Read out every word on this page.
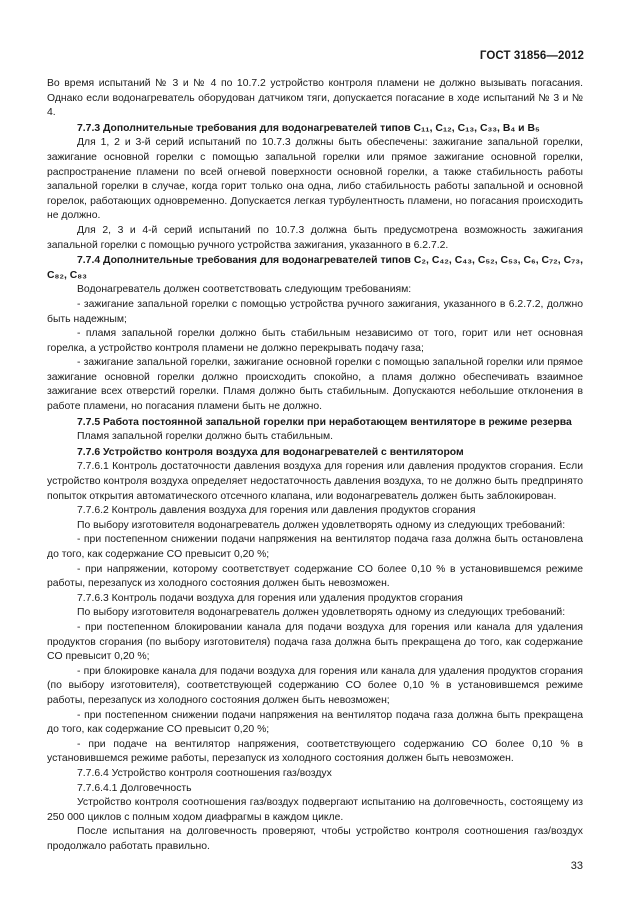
ГОСТ 31856—2012

Во время испытаний № 3 и № 4 по 10.7.2 устройство контроля пламени не должно вызывать погасания. Однако если водонагреватель оборудован датчиком тяги, допускается погасание в ходе испытаний № 3 и № 4.

7.7.3 Дополнительные требования для водонагревателей типов C₁₁, C₁₂, C₁₃, C₃₃, B₄ и B₅

Для 1, 2 и 3-й серий испытаний по 10.7.3 должны быть обеспечены: зажигание запальной горелки, зажигание основной горелки с помощью запальной горелки или прямое зажигание основной горелки, распространение пламени по всей огневой поверхности основной горелки, а также стабильность работы запальной горелки в случае, когда горит только она одна, либо стабильность работы запальной и основной горелок, работающих одновременно. Допускается легкая турбулентность пламени, но погасания происходить не должно.

Для 2, 3 и 4-й серий испытаний по 10.7.3 должна быть предусмотрена возможность зажигания запальной горелки с помощью ручного устройства зажигания, указанного в 6.2.7.2.

7.7.4 Дополнительные требования для водонагревателей типов C₂, C₄₂, C₄₃, C₅₂, C₅₃, C₆, C₇₂, C₇₃, C₈₂, C₈₃

Водонагреватель должен соответствовать следующим требованиям:

- зажигание запальной горелки с помощью устройства ручного зажигания, указанного в 6.2.7.2, должно быть надежным;

- пламя запальной горелки должно быть стабильным независимо от того, горит или нет основная горелка, а устройство контроля пламени не должно перекрывать подачу газа;

- зажигание запальной горелки, зажигание основной горелки с помощью запальной горелки или прямое зажигание основной горелки должно происходить спокойно, а пламя должно обеспечивать взаимное зажигание всех отверстий горелки. Пламя должно быть стабильным. Допускаются небольшие отклонения в работе пламени, но погасания пламени быть не должно.

7.7.5 Работа постоянной запальной горелки при неработающем вентиляторе в режиме резерва

Пламя запальной горелки должно быть стабильным.

7.7.6 Устройство контроля воздуха для водонагревателей с вентилятором

7.7.6.1 Контроль достаточности давления воздуха для горения или давления продуктов сгорания. Если устройство контроля воздуха определяет недостаточность давления воздуха, то не должно быть предпринято попыток открытия автоматического отсечного клапана, или водонагреватель должен быть заблокирован.

7.7.6.2 Контроль давления воздуха для горения или давления продуктов сгорания

По выбору изготовителя водонагреватель должен удовлетворять одному из следующих требований:

- при постепенном снижении подачи напряжения на вентилятор подача газа должна быть остановлена до того, как содержание CO превысит 0,20 %;

- при напряжении, которому соответствует содержание CO более 0,10 % в установившемся режиме работы, перезапуск из холодного состояния должен быть невозможен.

7.7.6.3 Контроль подачи воздуха для горения или удаления продуктов сгорания

По выбору изготовителя водонагреватель должен удовлетворять одному из следующих требований:

- при постепенном блокировании канала для подачи воздуха для горения или канала для удаления продуктов сгорания (по выбору изготовителя) подача газа должна быть прекращена до того, как содержание CO превысит 0,20 %;

- при блокировке канала для подачи воздуха для горения или канала для удаления продуктов сгорания (по выбору изготовителя), соответствующей содержанию CO более 0,10 % в установившемся режиме работы, перезапуск из холодного состояния должен быть невозможен;

- при постепенном снижении подачи напряжения на вентилятор подача газа должна быть прекращена до того, как содержание CO превысит 0,20 %;

- при подаче на вентилятор напряжения, соответствующего содержанию CO более 0,10 % в установившемся режиме работы, перезапуск из холодного состояния должен быть невозможен.

7.7.6.4 Устройство контроля соотношения газ/воздух

7.7.6.4.1 Долговечность

Устройство контроля соотношения газ/воздух подвергают испытанию на долговечность, состоящему из 250 000 циклов с полным ходом диафрагмы в каждом цикле.

После испытания на долговечность проверяют, чтобы устройство контроля соотношения газ/воздух продолжало работать правильно.

33
